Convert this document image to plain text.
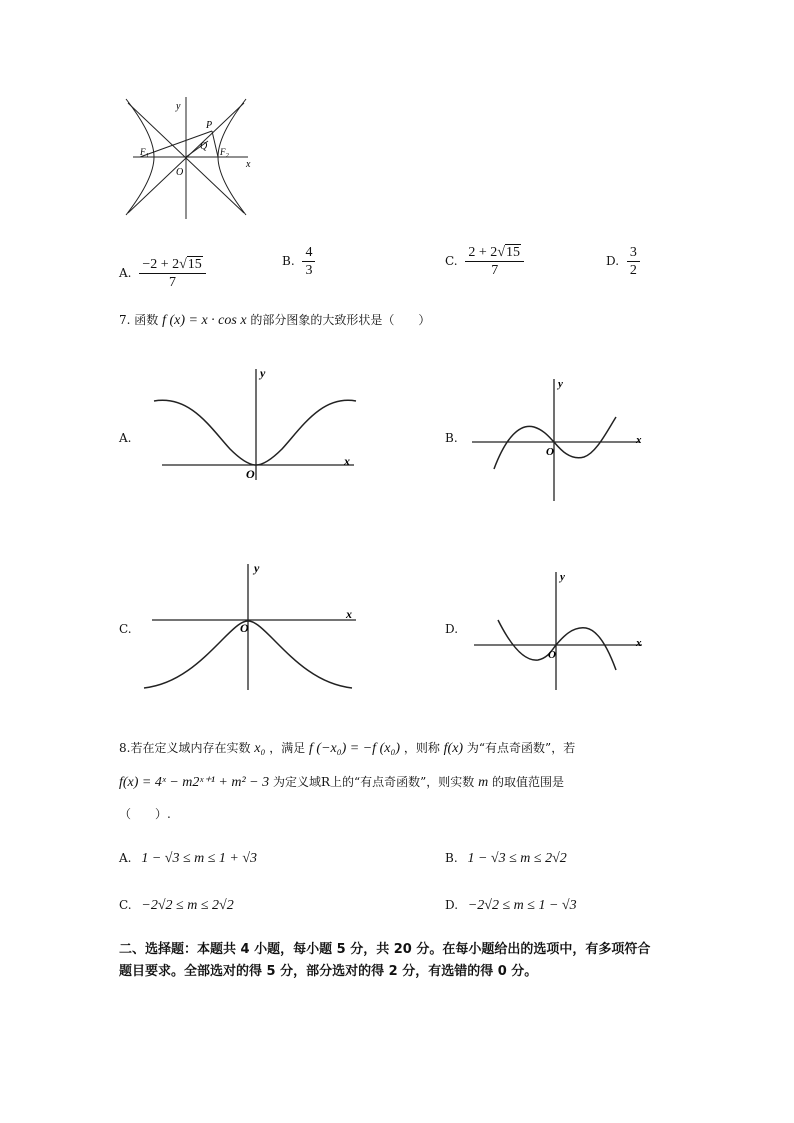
y
x
P
Q
F 1	F 2
O
A. $\frac{-2 + 2√15}{7}$	B. $\frac{4}{3}$	C. $\frac{2 + 2√15}{7}$	D. $\frac{3}{2}$
7. 函数 f (x) = x · cos x 的部分图象的大致形状是（　　）
A.
y
x
O
B.
y
x
O
C.
y
x
O	D.
y
x
O
8.若在定义域内存在实数 x₀ ，满足 f (−x₀) = −f (x₀) ，则称 f(x) 为“有点奇函数”，若
f(x) = 4ˣ − m2ˣ⁺¹ + m² − 3 为定义域R上的“有点奇函数”，则实数 m 的取值范围是
（　　）.
A. 1 − √3 ≤ m ≤ 1 + √3	B. 1 − √3 ≤ m ≤ 2√2
C. −2√2 ≤ m ≤ 2√2	D. −2√2 ≤ m ≤ 1 − √3
二、选择题：本题共 4 小题，每小题 5 分，共 20 分。在每小题给出的选项中，有多项符合
题目要求。全部选对的得 5 分，部分选对的得 2 分，有选错的得 0 分。
